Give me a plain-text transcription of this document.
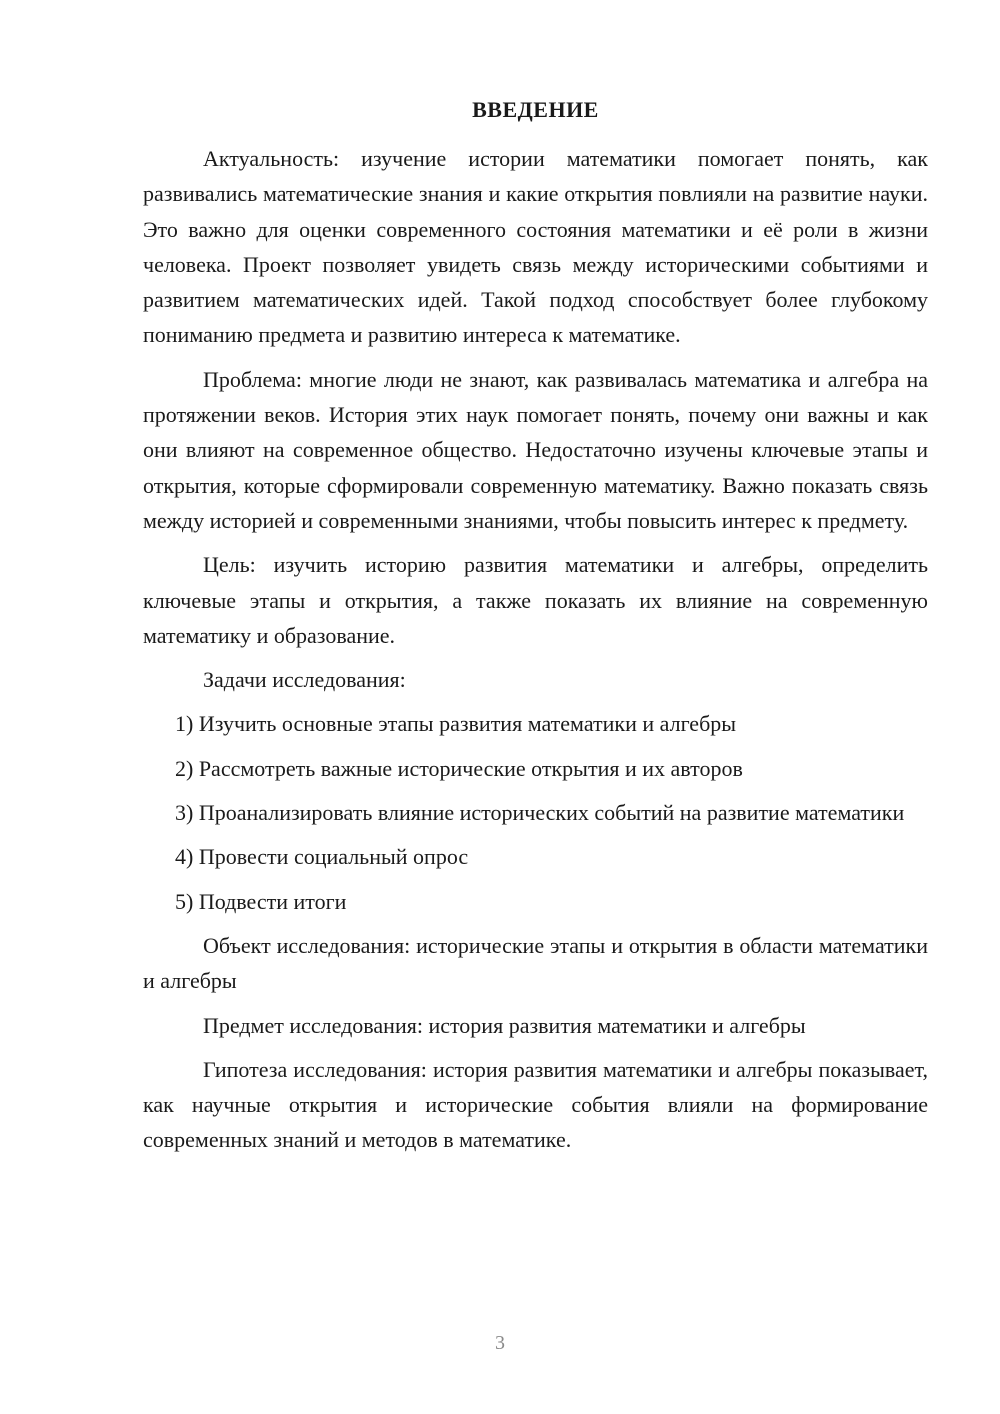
ВВЕДЕНИЕ

Актуальность: изучение истории математики помогает понять, как развивались математические знания и какие открытия повлияли на развитие науки. Это важно для оценки современного состояния математики и её роли в жизни человека. Проект позволяет увидеть связь между историческими событиями и развитием математических идей. Такой подход способствует более глубокому пониманию предмета и развитию интереса к математике.

Проблема: многие люди не знают, как развивалась математика и алгебра на протяжении веков. История этих наук помогает понять, почему они важны и как они влияют на современное общество. Недостаточно изучены ключевые этапы и открытия, которые сформировали современную математику. Важно показать связь между историей и современными знаниями, чтобы повысить интерес к предмету.

Цель: изучить историю развития математики и алгебры, определить ключевые этапы и открытия, а также показать их влияние на современную математику и образование.

Задачи исследования:

1) Изучить основные этапы развития математики и алгебры

2) Рассмотреть важные исторические открытия и их авторов

3) Проанализировать влияние исторических событий на развитие математики

4) Провести социальный опрос

5) Подвести итоги

Объект исследования: исторические этапы и открытия в области математики и алгебры

Предмет исследования: история развития математики и алгебры

Гипотеза исследования: история развития математики и алгебры показывает, как научные открытия и исторические события влияли на формирование современных знаний и методов в математике.

3
